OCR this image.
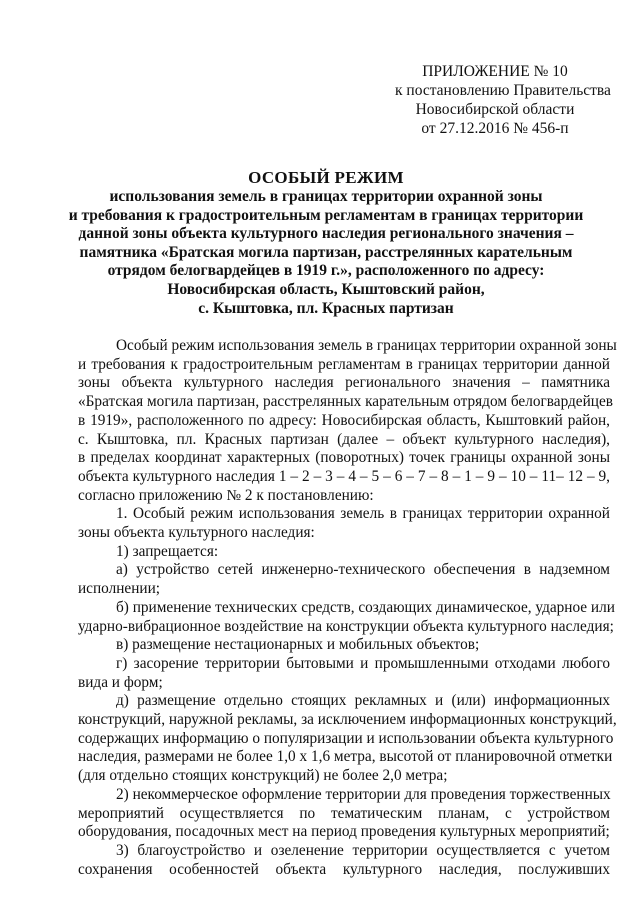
ПРИЛОЖЕНИЕ № 10
к постановлению Правительства
Новосибирской области
от 27.12.2016 № 456-п
ОСОБЫЙ РЕЖИМ
использования земель в границах территории охранной зоны
и требования к градостроительным регламентам в границах территории
данной зоны объекта культурного наследия регионального значения –
памятника «Братская могила партизан, расстрелянных карательным
отрядом белогвардейцев в 1919 г.», расположенного по адресу:
Новосибирская область, Кыштовский район,
с. Кыштовка, пл. Красных партизан
Особый режим использования земель в границах территории охранной зоны
и требования к градостроительным регламентам в границах территории данной
зоны объекта культурного наследия регионального значения – памятника
«Братская могила партизан, расстрелянных карательным отрядом белогвардейцев
в 1919», расположенного по адресу: Новосибирская область, Кыштовкий район,
с. Кыштовка, пл. Красных партизан (далее – объект культурного наследия),
в пределах координат характерных (поворотных) точек границы охранной зоны
объекта культурного наследия 1 – 2 – 3 – 4 – 5 – 6 – 7 – 8 – 1 – 9 – 10 – 11– 12 – 9,
согласно приложению № 2 к постановлению:
1. Особый режим использования земель в границах территории охранной
зоны объекта культурного наследия:
1) запрещается:
а) устройство сетей инженерно-технического обеспечения в надземном
исполнении;
б) применение технических средств, создающих динамическое, ударное или
ударно-вибрационное воздействие на конструкции объекта культурного наследия;
в) размещение нестационарных и мобильных объектов;
г) засорение территории бытовыми и промышленными отходами любого
вида и форм;
д) размещение отдельно стоящих рекламных и (или) информационных
конструкций, наружной рекламы, за исключением информационных конструкций,
содержащих информацию о популяризации и использовании объекта культурного
наследия, размерами не более 1,0 х 1,6 метра, высотой от планировочной отметки
(для отдельно стоящих конструкций) не более 2,0 метра;
2) некоммерческое оформление территории для проведения торжественных
мероприятий осуществляется по тематическим планам, с устройством
оборудования, посадочных мест на период проведения культурных мероприятий;
3) благоустройство и озеленение территории осуществляется с учетом
сохранения особенностей объекта культурного наследия, послуживших
